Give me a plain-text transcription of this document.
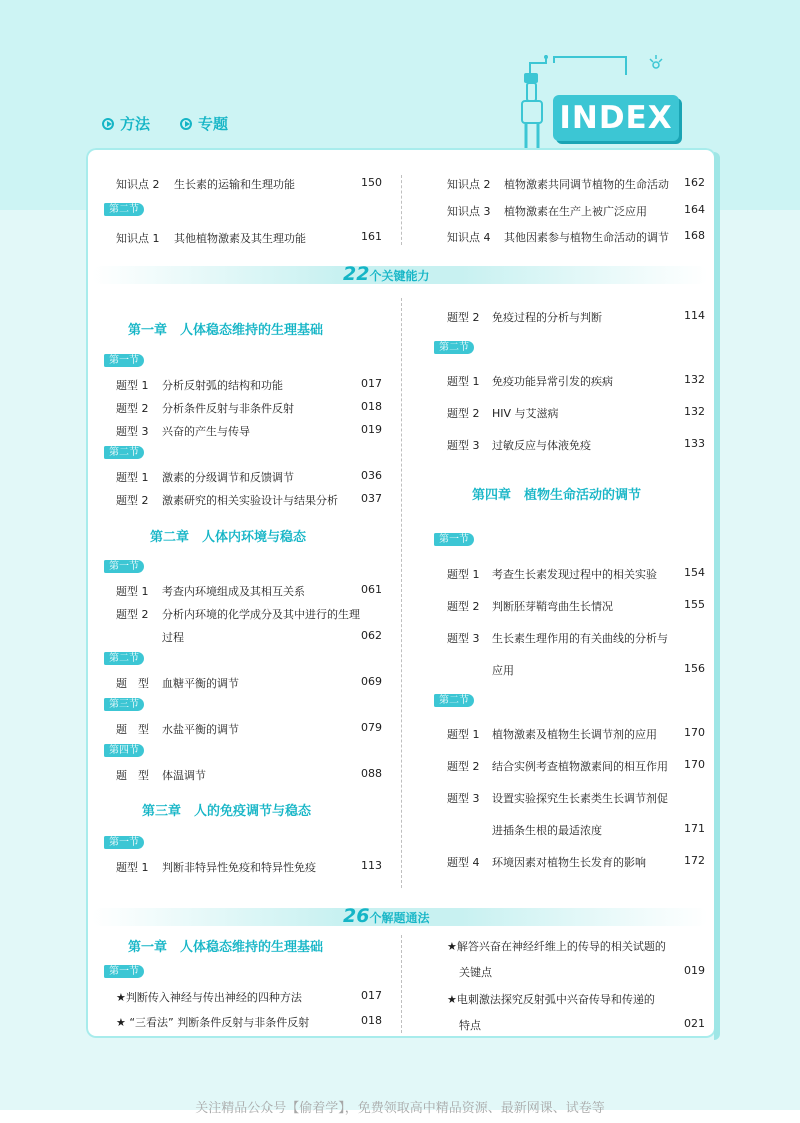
方法	专题	INDEX
知识点 2 生长素的运输和生理功能	150
第二节
知识点 1 其他植物激素及其生理功能	161
知识点 2 植物激素共同调节植物的生命活动 162
知识点 3 植物激素在生产上被广泛应用	164
知识点 4 其他因素参与植物生命活动的调节 168
22个关键能力
第一章　人体稳态维持的生理基础
第一节
题型 1 分析反射弧的结构和功能	017
题型 2 分析条件反射与非条件反射	018
题型 3 兴奋的产生与传导	019
第二节
题型 1 激素的分级调节和反馈调节	036
题型 2 激素研究的相关实验设计与结果分析 037
第二章　人体内环境与稳态
第一节
题型 1 考查内环境组成及其相互关系	061
题型 2 分析内环境的化学成分及其中进行的生理
过程	062
第二节
题　型 血糖平衡的调节	069
第三节
题　型 水盐平衡的调节	079
第四节
题　型 体温调节	088
第三章　人的免疫调节与稳态
第一节
题型 1 判断非特异性免疫和特异性免疫	113
题型 2 免疫过程的分析与判断	114
第二节
题型 1 免疫功能异常引发的疾病	132
题型 2 HIV 与艾滋病	132
题型 3 过敏反应与体液免疫	133
第四章　植物生命活动的调节
第一节
题型 1 考查生长素发现过程中的相关实验 154
题型 2 判断胚芽鞘弯曲生长情况	155
题型 3 生长素生理作用的有关曲线的分析与
应用	156
第二节
题型 1 植物激素及植物生长调节剂的应用 170
题型 2 结合实例考查植物激素间的相互作用 170
题型 3 设置实验探究生长素类生长调节剂促
进插条生根的最适浓度	171
题型 4 环境因素对植物生长发育的影响	172
26个解题通法
第一章　人体稳态维持的生理基础
第一节
★判断传入神经与传出神经的四种方法	017
★ “三看法” 判断条件反射与非条件反射	018
★解答兴奋在神经纤维上的传导的相关试题的
关键点	019
★电刺激法探究反射弧中兴奋传导和传递的
特点	021
关注精品公众号【偷着学】，免费领取高中精品资源、最新网课、试卷等
